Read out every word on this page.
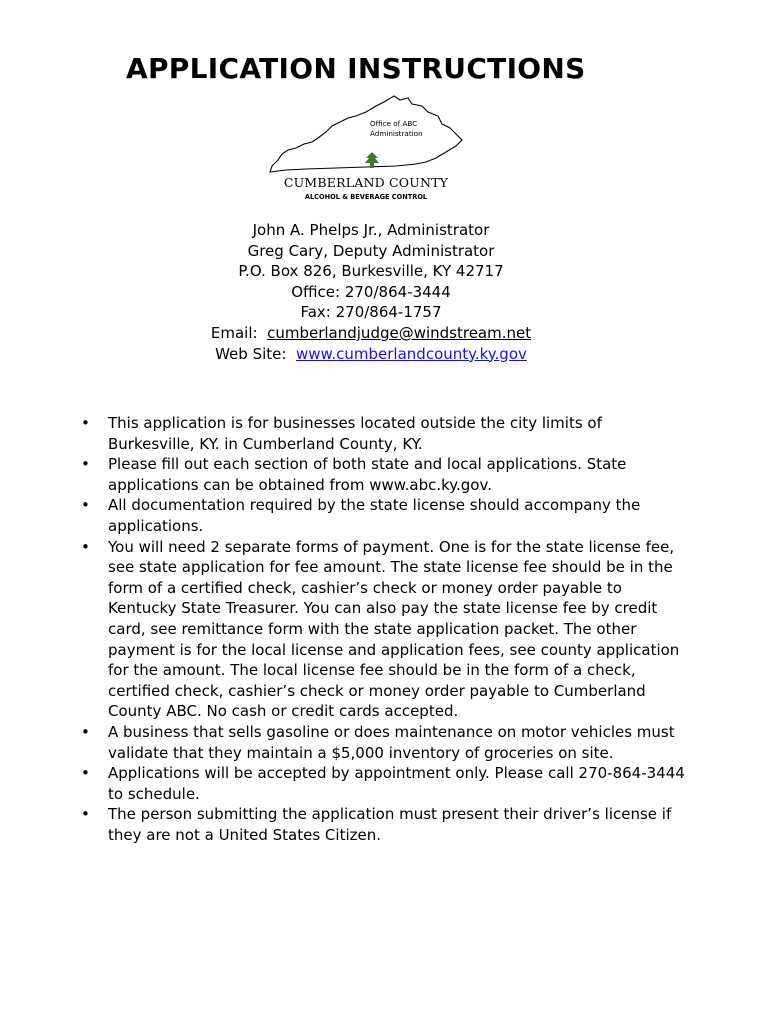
APPLICATION INSTRUCTIONS
Office of ABC
Administration
CUMBERLAND COUNTY
ALCOHOL & BEVERAGE CONTROL
John A. Phelps Jr., Administrator
Greg Cary, Deputy Administrator
P.O. Box 826, Burkesville, KY 42717
Office: 270/864-3444
Fax: 270/864-1757
Email:  cumberlandjudge@windstream.net
Web Site:  www.cumberlandcounty.ky.gov
• This application is for businesses located outside the city limits of Burkesville, KY. in Cumberland County, KY.
• Please fill out each section of both state and local applications. State applications can be obtained from www.abc.ky.gov.
• All documentation required by the state license should accompany the applications.
• You will need 2 separate forms of payment. One is for the state license fee, see state application for fee amount. The state license fee should be in the form of a certified check, cashier’s check or money order payable to Kentucky State Treasurer. You can also pay the state license fee by credit card, see remittance form with the state application packet. The other payment is for the local license and application fees, see county application for the amount. The local license fee should be in the form of a check, certified check, cashier’s check or money order payable to Cumberland County ABC. No cash or credit cards accepted.
• A business that sells gasoline or does maintenance on motor vehicles must validate that they maintain a $5,000 inventory of groceries on site.
• Applications will be accepted by appointment only. Please call 270-864-3444 to schedule.
• The person submitting the application must present their driver’s license if they are not a United States Citizen.
